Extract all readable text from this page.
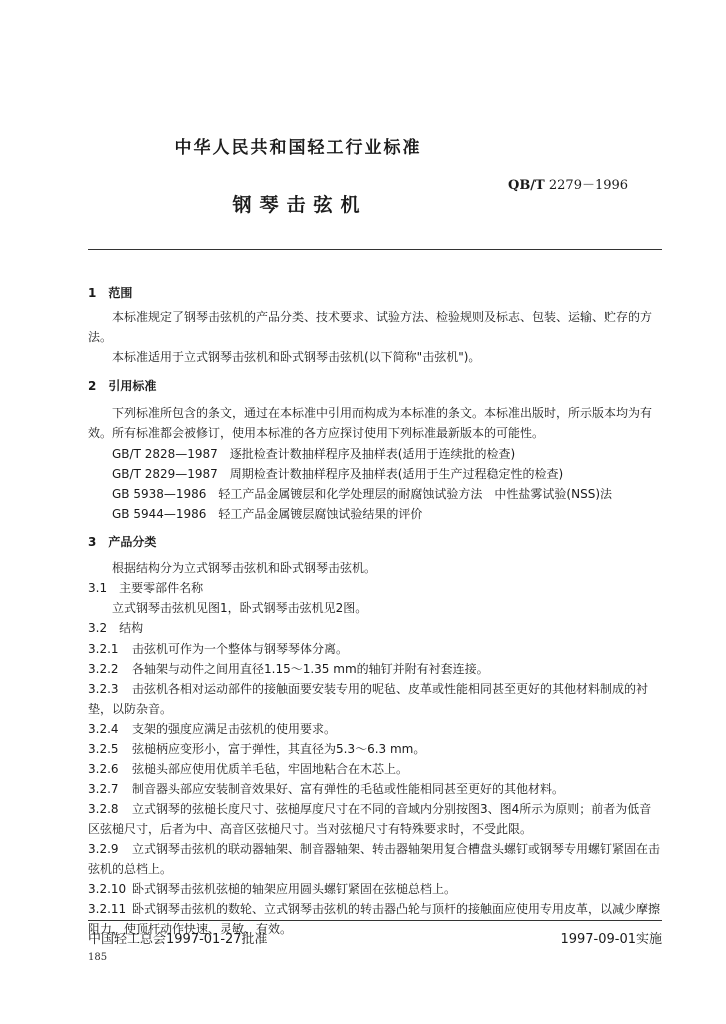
中华人民共和国轻工行业标准
QB/T 2279－1996
钢琴击弦机
1　范围
本标准规定了钢琴击弦机的产品分类、技术要求、试验方法、检验规则及标志、包装、运输、贮存的方法。
本标准适用于立式钢琴击弦机和卧式钢琴击弦机(以下简称"击弦机")。
2　引用标准
下列标准所包含的条文，通过在本标准中引用而构成为本标准的条文。本标准出版时，所示版本均为有效。所有标准都会被修订，使用本标准的各方应探讨使用下列标准最新版本的可能性。
GB/T 2828—1987　逐批检查计数抽样程序及抽样表(适用于连续批的检查)
GB/T 2829—1987　周期检查计数抽样程序及抽样表(适用于生产过程稳定性的检查)
GB 5938—1986　轻工产品金属镀层和化学处理层的耐腐蚀试验方法　中性盐雾试验(NSS)法
GB 5944—1986　轻工产品金属镀层腐蚀试验结果的评价
3　产品分类
根据结构分为立式钢琴击弦机和卧式钢琴击弦机。
3.1　主要零部件名称
立式钢琴击弦机见图1，卧式钢琴击弦机见2图。
3.2　结构
3.2.1 击弦机可作为一个整体与钢琴琴体分离。
3.2.2 各轴架与动件之间用直径1.15～1.35 mm的轴钉并附有衬套连接。
3.2.3 击弦机各相对运动部件的接触面要安装专用的呢毡、皮革或性能相同甚至更好的其他材料制成的衬垫，以防杂音。
3.2.4 支架的强度应满足击弦机的使用要求。
3.2.5 弦槌柄应变形小，富于弹性，其直径为5.3～6.3 mm。
3.2.6 弦槌头部应使用优质羊毛毡，牢固地粘合在木芯上。
3.2.7 制音器头部应安装制音效果好、富有弹性的毛毡或性能相同甚至更好的其他材料。
3.2.8 立式钢琴的弦槌长度尺寸、弦槌厚度尺寸在不同的音域内分别按图3、图4所示为原则；前者为低音区弦槌尺寸，后者为中、高音区弦槌尺寸。当对弦槌尺寸有特殊要求时，不受此限。
3.2.9 立式钢琴击弦机的联动器轴架、制音器轴架、转击器轴架用复合槽盘头螺钉或钢琴专用螺钉紧固在击弦机的总档上。
3.2.10 卧式钢琴击弦机弦槌的轴架应用圆头螺钉紧固在弦槌总档上。
3.2.11 卧式钢琴击弦机的数轮、立式钢琴击弦机的转击器凸轮与顶杆的接触面应使用专用皮革，以减少摩擦阻力，使顶杆动作快速、灵敏、有效。
中国轻工总会1997-01-27批准	1997-09-01实施
185
